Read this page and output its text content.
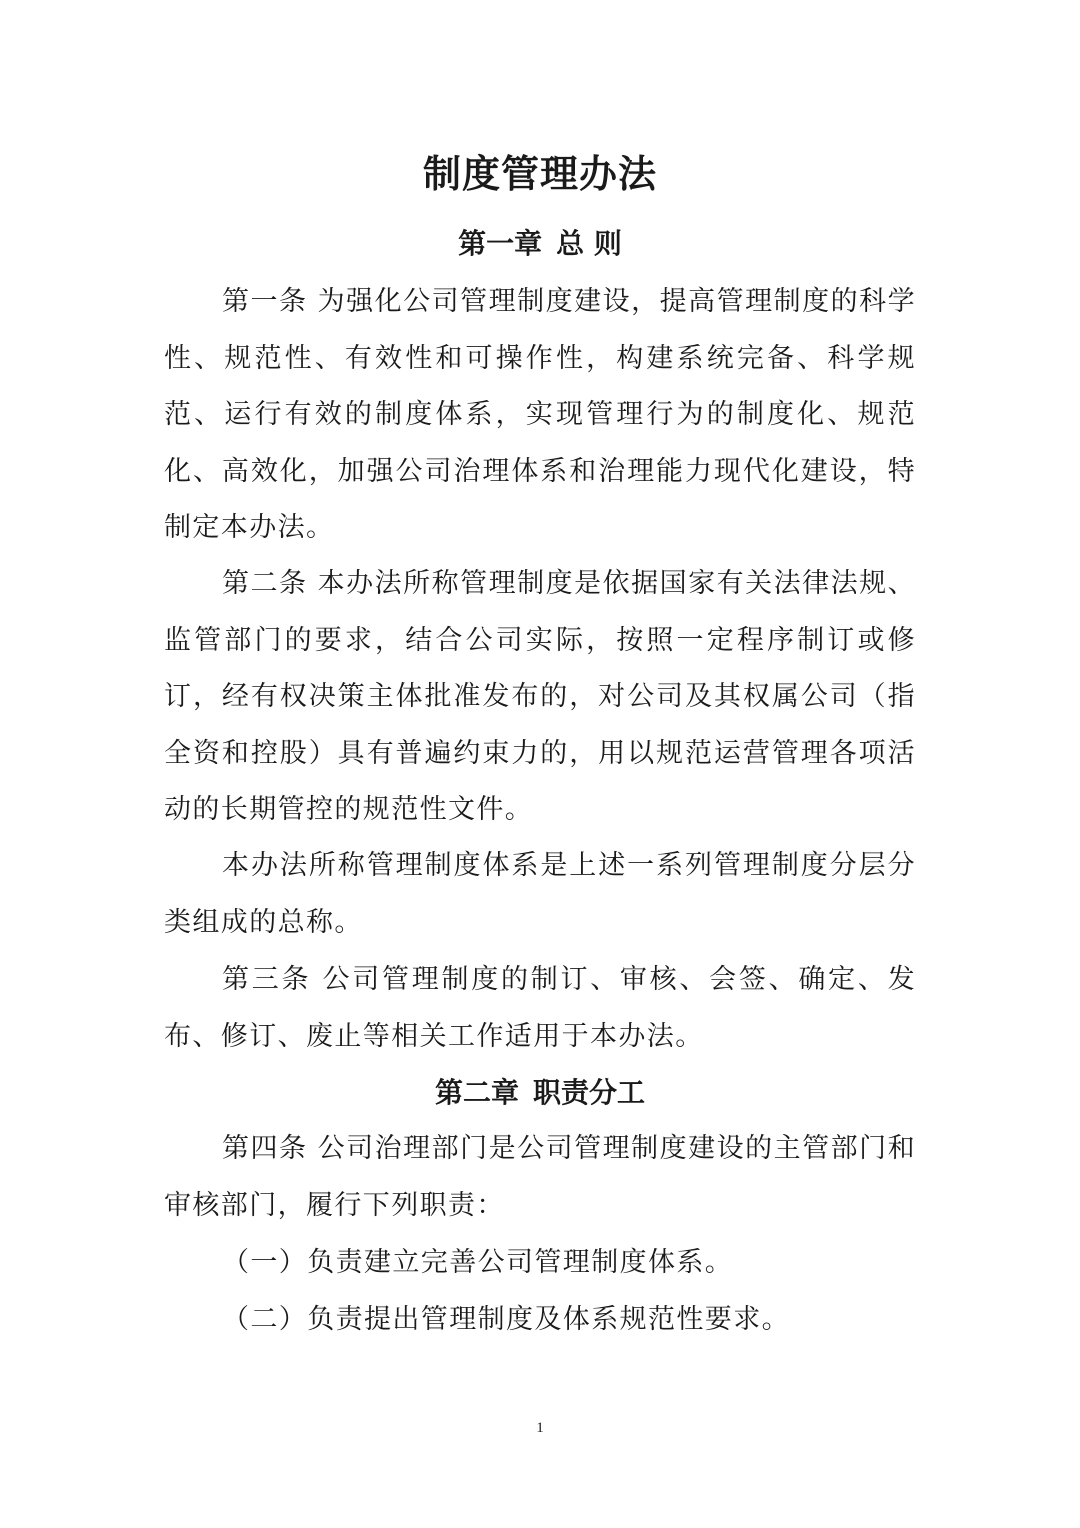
制度管理办法
第一章 总 则

第一条 为强化公司管理制度建设，提高管理制度的科学性、规范性、有效性和可操作性，构建系统完备、科学规范、运行有效的制度体系，实现管理行为的制度化、规范化、高效化，加强公司治理体系和治理能力现代化建设，特制定本办法。

第二条 本办法所称管理制度是依据国家有关法律法规、监管部门的要求，结合公司实际，按照一定程序制订或修订，经有权决策主体批准发布的，对公司及其权属公司（指全资和控股）具有普遍约束力的，用以规范运营管理各项活动的长期管控的规范性文件。

本办法所称管理制度体系是上述一系列管理制度分层分类组成的总称。

第三条 公司管理制度的制订、审核、会签、确定、发布、修订、废止等相关工作适用于本办法。

第二章 职责分工

第四条 公司治理部门是公司管理制度建设的主管部门和审核部门，履行下列职责：

（一）负责建立完善公司管理制度体系。

（二）负责提出管理制度及体系规范性要求。

1
